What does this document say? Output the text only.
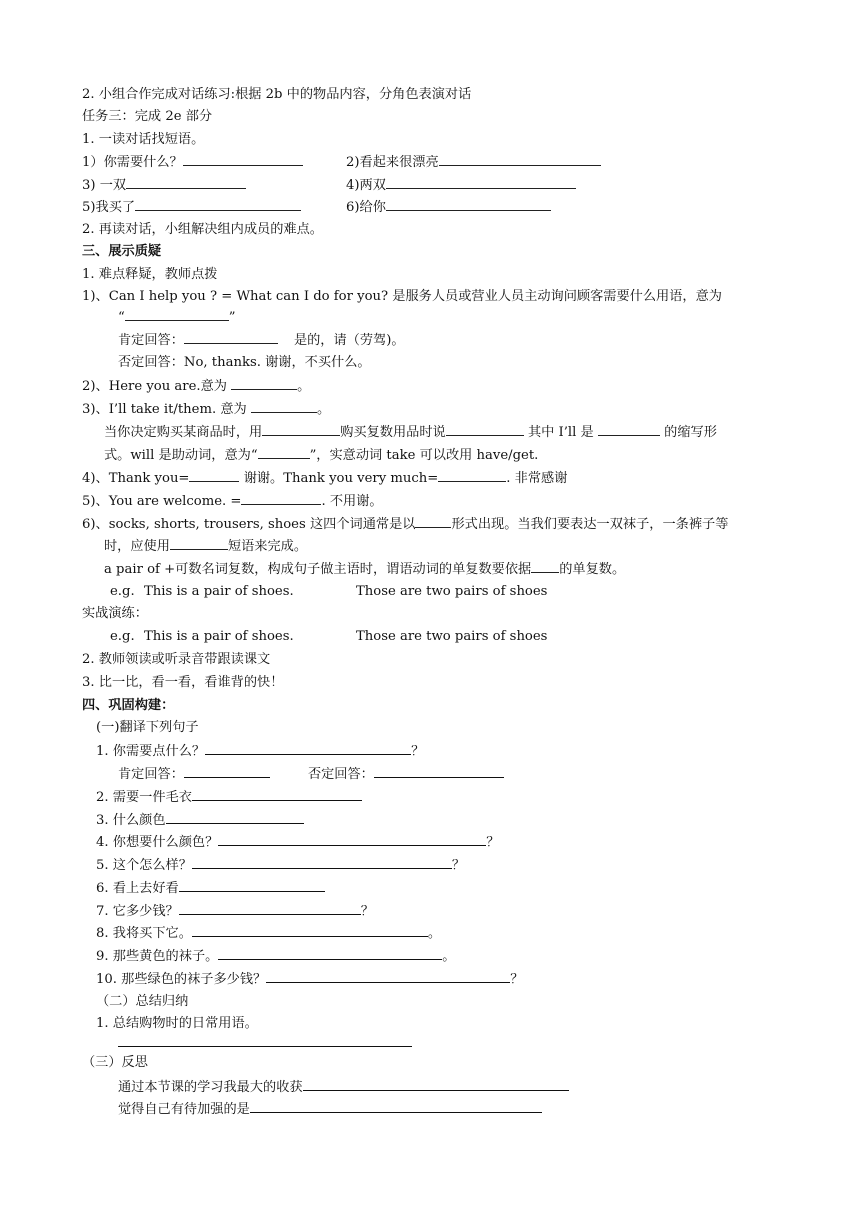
2. 小组合作完成对话练习:根据 2b 中的物品内容，分角色表演对话
任务三：完成 2e 部分
1. 一读对话找短语。
1）你需要什么？	2)看起来很漂亮
3) 一双	4)两双
5)我买了	6)给你
2. 再读对话，小组解决组内成员的难点。
三、展示质疑
1. 难点释疑，教师点拨
1)、Can I help you ? = What can I do for you? 是服务人员或营业人员主动询问顾客需要什么用语，意为
“	”
肯定回答：	是的，请（劳驾)。
否定回答：No, thanks. 谢谢，不买什么。
2)、Here you are.意为	。
3)、I’ll take it/them. 意为	。
当你决定购买某商品时，用	购买复数用品时说	其中 I’ll 是	的缩写形
式。will 是助动词，意为“	”，实意动词 take 可以改用 have/get.
4)、Thank you=	谢谢。Thank you very much=	. 非常感谢
5)、You are welcome. =	. 不用谢。
6)、socks, shorts, trousers, shoes 这四个词通常是以	形式出现。当我们要表达一双袜子，一条裤子等
时，应使用	短语来完成。
a pair of +可数名词复数，构成句子做主语时，谓语动词的单复数要依据 的单复数。
e.g. This is a pair of shoes.	Those are two pairs of shoes
实战演练：
e.g. This is a pair of shoes.	Those are two pairs of shoes
2. 教师领读或听录音带跟读课文
3. 比一比，看一看，看谁背的快！
四、巩固构建：
(一)翻译下列句子
1. 你需要点什么？	？
肯定回答：	否定回答：
2. 需要一件毛衣
3. 什么颜色
4. 你想要什么颜色？	？
5. 这个怎么样？	？
6. 看上去好看
7. 它多少钱？	？
8. 我将买下它。	。
9. 那些黄色的袜子。	。
10. 那些绿色的袜子多少钱？	？
（二）总结归纳
1. 总结购物时的日常用语。
（三）反思
通过本节课的学习我最大的收获
觉得自己有待加强的是
